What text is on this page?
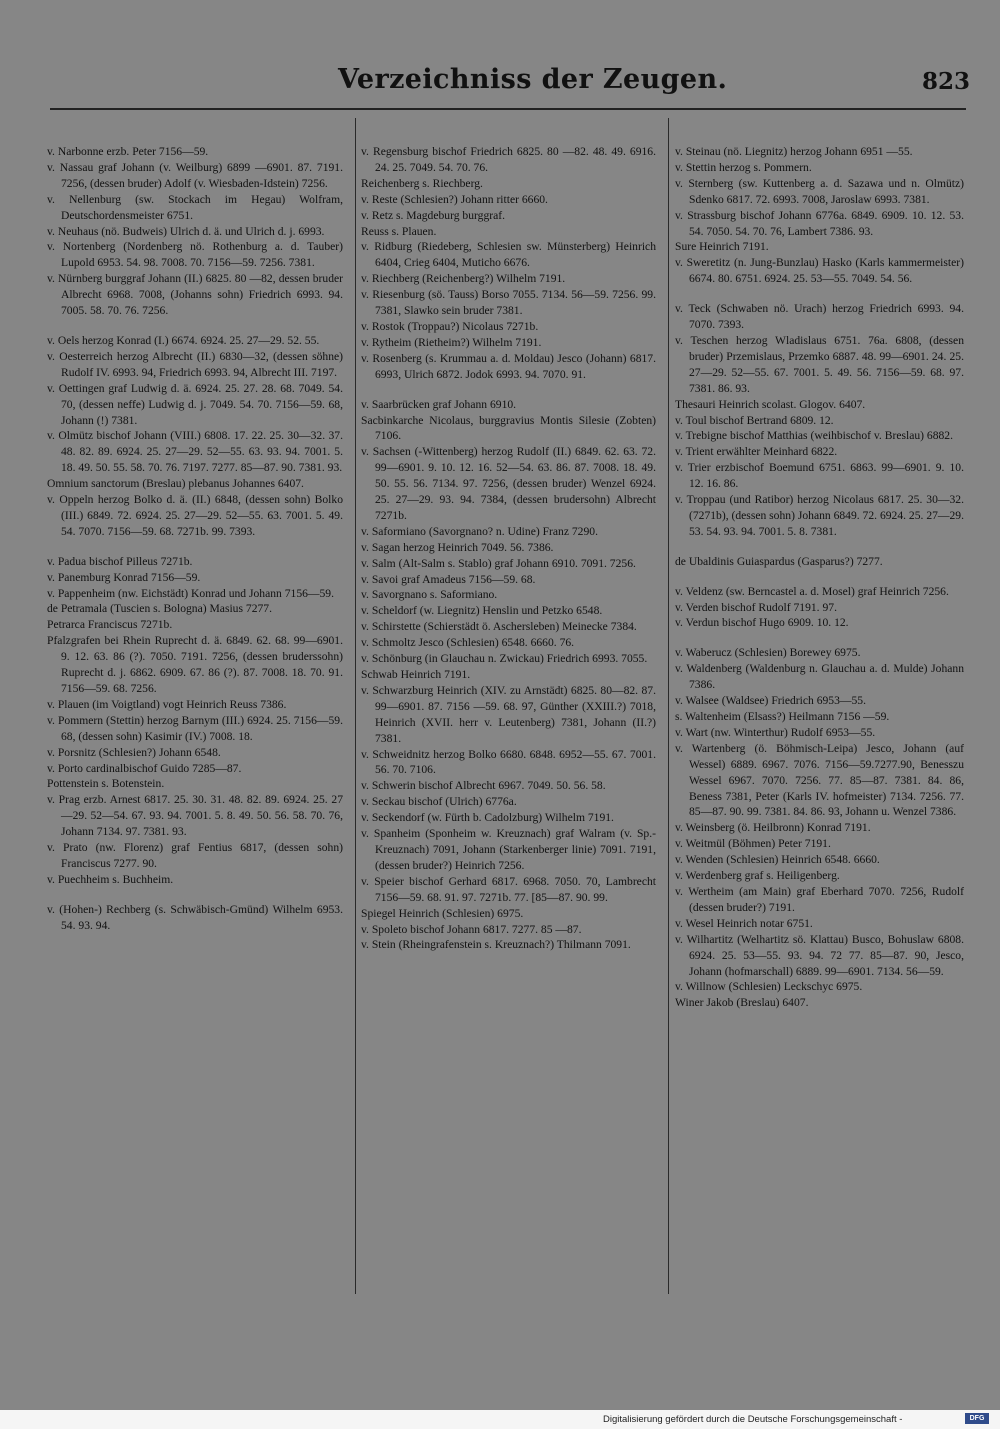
Verzeichniss der Zeugen.	823

v. Narbonne erzb. Peter 7156—59.

v. Nassau graf Johann (v. Weilburg) 6899 —6901. 87. 7191. 7256, (dessen bruder) Adolf (v. Wiesbaden-Idstein) 7256.

v. Nellenburg (sw. Stockach im Hegau) Wolfram, Deutschordensmeister 6751.

v. Neuhaus (nö. Budweis) Ulrich d. ä. und Ulrich d. j. 6993.

v. Nortenberg (Nordenberg nö. Rothenburg a. d. Tauber) Lupold 6953. 54. 98. 7008. 70. 7156—59. 7256. 7381.

v. Nürnberg burggraf Johann (II.) 6825. 80 —82, dessen bruder Albrecht 6968. 7008, (Johanns sohn) Friedrich 6993. 94. 7005. 58. 70. 76. 7256.

v. Oels herzog Konrad (I.) 6674. 6924. 25. 27—29. 52. 55.

v. Oesterreich herzog Albrecht (II.) 6830—32, (dessen söhne) Rudolf IV. 6993. 94, Friedrich 6993. 94, Albrecht III. 7197.

v. Oettingen graf Ludwig d. ä. 6924. 25. 27. 28. 68. 7049. 54. 70, (dessen neffe) Ludwig d. j. 7049. 54. 70. 7156—59. 68, Johann (!) 7381.

v. Olmütz bischof Johann (VIII.) 6808. 17. 22. 25. 30—32. 37. 48. 82. 89. 6924. 25. 27—29. 52—55. 63. 93. 94. 7001. 5. 18. 49. 50. 55. 58. 70. 76. 7197. 7277. 85—87. 90. 7381. 93.

Omnium sanctorum (Breslau) plebanus Johannes 6407.

v. Oppeln herzog Bolko d. ä. (II.) 6848, (dessen sohn) Bolko (III.) 6849. 72. 6924. 25. 27—29. 52—55. 63. 7001. 5. 49. 54. 7070. 7156—59. 68. 7271b. 99. 7393.

v. Padua bischof Pilleus 7271b.

v. Panemburg Konrad 7156—59.

v. Pappenheim (nw. Eichstädt) Konrad und Johann 7156—59.

de Petramala (Tuscien s. Bologna) Masius 7277.

Petrarca Franciscus 7271b.

Pfalzgrafen bei Rhein Ruprecht d. ä. 6849. 62. 68. 99—6901. 9. 12. 63. 86 (?). 7050. 7191. 7256, (dessen bruderssohn) Ruprecht d. j. 6862. 6909. 67. 86 (?). 87. 7008. 18. 70. 91. 7156—59. 68. 7256.

v. Plauen (im Voigtland) vogt Heinrich Reuss 7386.

v. Pommern (Stettin) herzog Barnym (III.) 6924. 25. 7156—59. 68, (dessen sohn) Kasimir (IV.) 7008. 18.

v. Porsnitz (Schlesien?) Johann 6548.

v. Porto cardinalbischof Guido 7285—87.

Pottenstein s. Botenstein.

v. Prag erzb. Arnest 6817. 25. 30. 31. 48. 82. 89. 6924. 25. 27—29. 52—54. 67. 93. 94. 7001. 5. 8. 49. 50. 56. 58. 70. 76, Johann 7134. 97. 7381. 93.

v. Prato (nw. Florenz) graf Fentius 6817, (dessen sohn) Franciscus 7277. 90.

v. Puechheim s. Buchheim.

v. (Hohen-) Rechberg (s. Schwäbisch-Gmünd) Wilhelm 6953. 54. 93. 94.

v. Regensburg bischof Friedrich 6825. 80 —82. 48. 49. 6916. 24. 25. 7049. 54. 70. 76.

Reichenberg s. Riechberg.

v. Reste (Schlesien?) Johann ritter 6660.

v. Retz s. Magdeburg burggraf.

Reuss s. Plauen.

v. Ridburg (Riedeberg, Schlesien sw. Münsterberg) Heinrich 6404, Crieg 6404, Muticho 6676.

v. Riechberg (Reichenberg?) Wilhelm 7191.

v. Riesenburg (sö. Tauss) Borso 7055. 7134. 56—59. 7256. 99. 7381, Slawko sein bruder 7381.

v. Rostok (Troppau?) Nicolaus 7271b.

v. Rytheim (Rietheim?) Wilhelm 7191.

v. Rosenberg (s. Krummau a. d. Moldau) Jesco (Johann) 6817. 6993, Ulrich 6872. Jodok 6993. 94. 7070. 91.

v. Saarbrücken graf Johann 6910.

Sacbinkarche Nicolaus, burggravius Montis Silesie (Zobten) 7106.

v. Sachsen (-Wittenberg) herzog Rudolf (II.) 6849. 62. 63. 72. 99—6901. 9. 10. 12. 16. 52—54. 63. 86. 87. 7008. 18. 49. 50. 55. 56. 7134. 97. 7256, (dessen bruder) Wenzel 6924. 25. 27—29. 93. 94. 7384, (dessen brudersohn) Albrecht 7271b.

v. Saformiano (Savorgnano? n. Udine) Franz 7290.

v. Sagan herzog Heinrich 7049. 56. 7386.

v. Salm (Alt-Salm s. Stablo) graf Johann 6910. 7091. 7256.

v. Savoi graf Amadeus 7156—59. 68.

v. Savorgnano s. Saformiano.

v. Scheldorf (w. Liegnitz) Henslin und Petzko 6548.

v. Schirstette (Schierstädt ö. Aschersleben) Meinecke 7384.

v. Schmoltz Jesco (Schlesien) 6548. 6660. 76.

v. Schönburg (in Glauchau n. Zwickau) Friedrich 6993. 7055.

Schwab Heinrich 7191.

v. Schwarzburg Heinrich (XIV. zu Arnstädt) 6825. 80—82. 87. 99—6901. 87. 7156 —59. 68. 97, Günther (XXIII.?) 7018, Heinrich (XVII. herr v. Leutenberg) 7381, Johann (II.?) 7381.

v. Schweidnitz herzog Bolko 6680. 6848. 6952—55. 67. 7001. 56. 70. 7106.

v. Schwerin bischof Albrecht 6967. 7049. 50. 56. 58.

v. Seckau bischof (Ulrich) 6776a.

v. Seckendorf (w. Fürth b. Cadolzburg) Wilhelm 7191.

v. Spanheim (Sponheim w. Kreuznach) graf Walram (v. Sp.-Kreuznach) 7091, Johann (Starkenberger linie) 7091. 7191, (dessen bruder?) Heinrich 7256.

v. Speier bischof Gerhard 6817. 6968. 7050. 70, Lambrecht 7156—59. 68. 91. 97. 7271b. 77. [85—87. 90. 99.

Spiegel Heinrich (Schlesien) 6975.

v. Spoleto bischof Johann 6817. 7277. 85 —87.

v. Stein (Rheingrafenstein s. Kreuznach?) Thilmann 7091.

v. Steinau (nö. Liegnitz) herzog Johann 6951 —55.

v. Stettin herzog s. Pommern.

v. Sternberg (sw. Kuttenberg a. d. Sazawa und n. Olmütz) Sdenko 6817. 72. 6993. 7008, Jaroslaw 6993. 7381.

v. Strassburg bischof Johann 6776a. 6849. 6909. 10. 12. 53. 54. 7050. 54. 70. 76, Lambert 7386. 93.

Sure Heinrich 7191.

v. Sweretitz (n. Jung-Bunzlau) Hasko (Karls kammermeister) 6674. 80. 6751. 6924. 25. 53—55. 7049. 54. 56.

v. Teck (Schwaben nö. Urach) herzog Friedrich 6993. 94. 7070. 7393.

v. Teschen herzog Wladislaus 6751. 76a. 6808, (dessen bruder) Przemislaus, Przemko 6887. 48. 99—6901. 24. 25. 27—29. 52—55. 67. 7001. 5. 49. 56. 7156—59. 68. 97. 7381. 86. 93.

Thesauri Heinrich scolast. Glogov. 6407.

v. Toul bischof Bertrand 6809. 12.

v. Trebigne bischof Matthias (weihbischof v. Breslau) 6882.

v. Trient erwählter Meinhard 6822.

v. Trier erzbischof Boemund 6751. 6863. 99—6901. 9. 10. 12. 16. 86.

v. Troppau (und Ratibor) herzog Nicolaus 6817. 25. 30—32. (7271b), (dessen sohn) Johann 6849. 72. 6924. 25. 27—29. 53. 54. 93. 94. 7001. 5. 8. 7381.

de Ubaldinis Guiaspardus (Gasparus?) 7277.

v. Veldenz (sw. Berncastel a. d. Mosel) graf Heinrich 7256.

v. Verden bischof Rudolf 7191. 97.

v. Verdun bischof Hugo 6909. 10. 12.

v. Waberucz (Schlesien) Borewey 6975.

v. Waldenberg (Waldenburg n. Glauchau a. d. Mulde) Johann 7386.

v. Walsee (Waldsee) Friedrich 6953—55.

s. Waltenheim (Elsass?) Heilmann 7156 —59.

v. Wart (nw. Winterthur) Rudolf 6953—55.

v. Wartenberg (ö. Böhmisch-Leipa) Jesco, Johann (auf Wessel) 6889. 6967. 7076. 7156—59.7277.90, Benesszu Wessel 6967. 7070. 7256. 77. 85—87. 7381. 84. 86, Beness 7381, Peter (Karls IV. hofmeister) 7134. 7256. 77. 85—87. 90. 99. 7381. 84. 86. 93, Johann u. Wenzel 7386.

v. Weinsberg (ö. Heilbronn) Konrad 7191.

v. Weitmül (Böhmen) Peter 7191.

v. Wenden (Schlesien) Heinrich 6548. 6660.

v. Werdenberg graf s. Heiligenberg.

v. Wertheim (am Main) graf Eberhard 7070. 7256, Rudolf (dessen bruder?) 7191.

v. Wesel Heinrich notar 6751.

v. Wilhartitz (Welhartitz sö. Klattau) Busco, Bohuslaw 6808. 6924. 25. 53—55. 93. 94. 72 77. 85—87. 90, Jesco, Johann (hofmarschall) 6889. 99—6901. 7134. 56—59.

v. Willnow (Schlesien) Leckschyc 6975.

Winer Jakob (Breslau) 6407.

Digitalisierung gefördert durch die Deutsche Forschungsgemeinschaft -	DFG
